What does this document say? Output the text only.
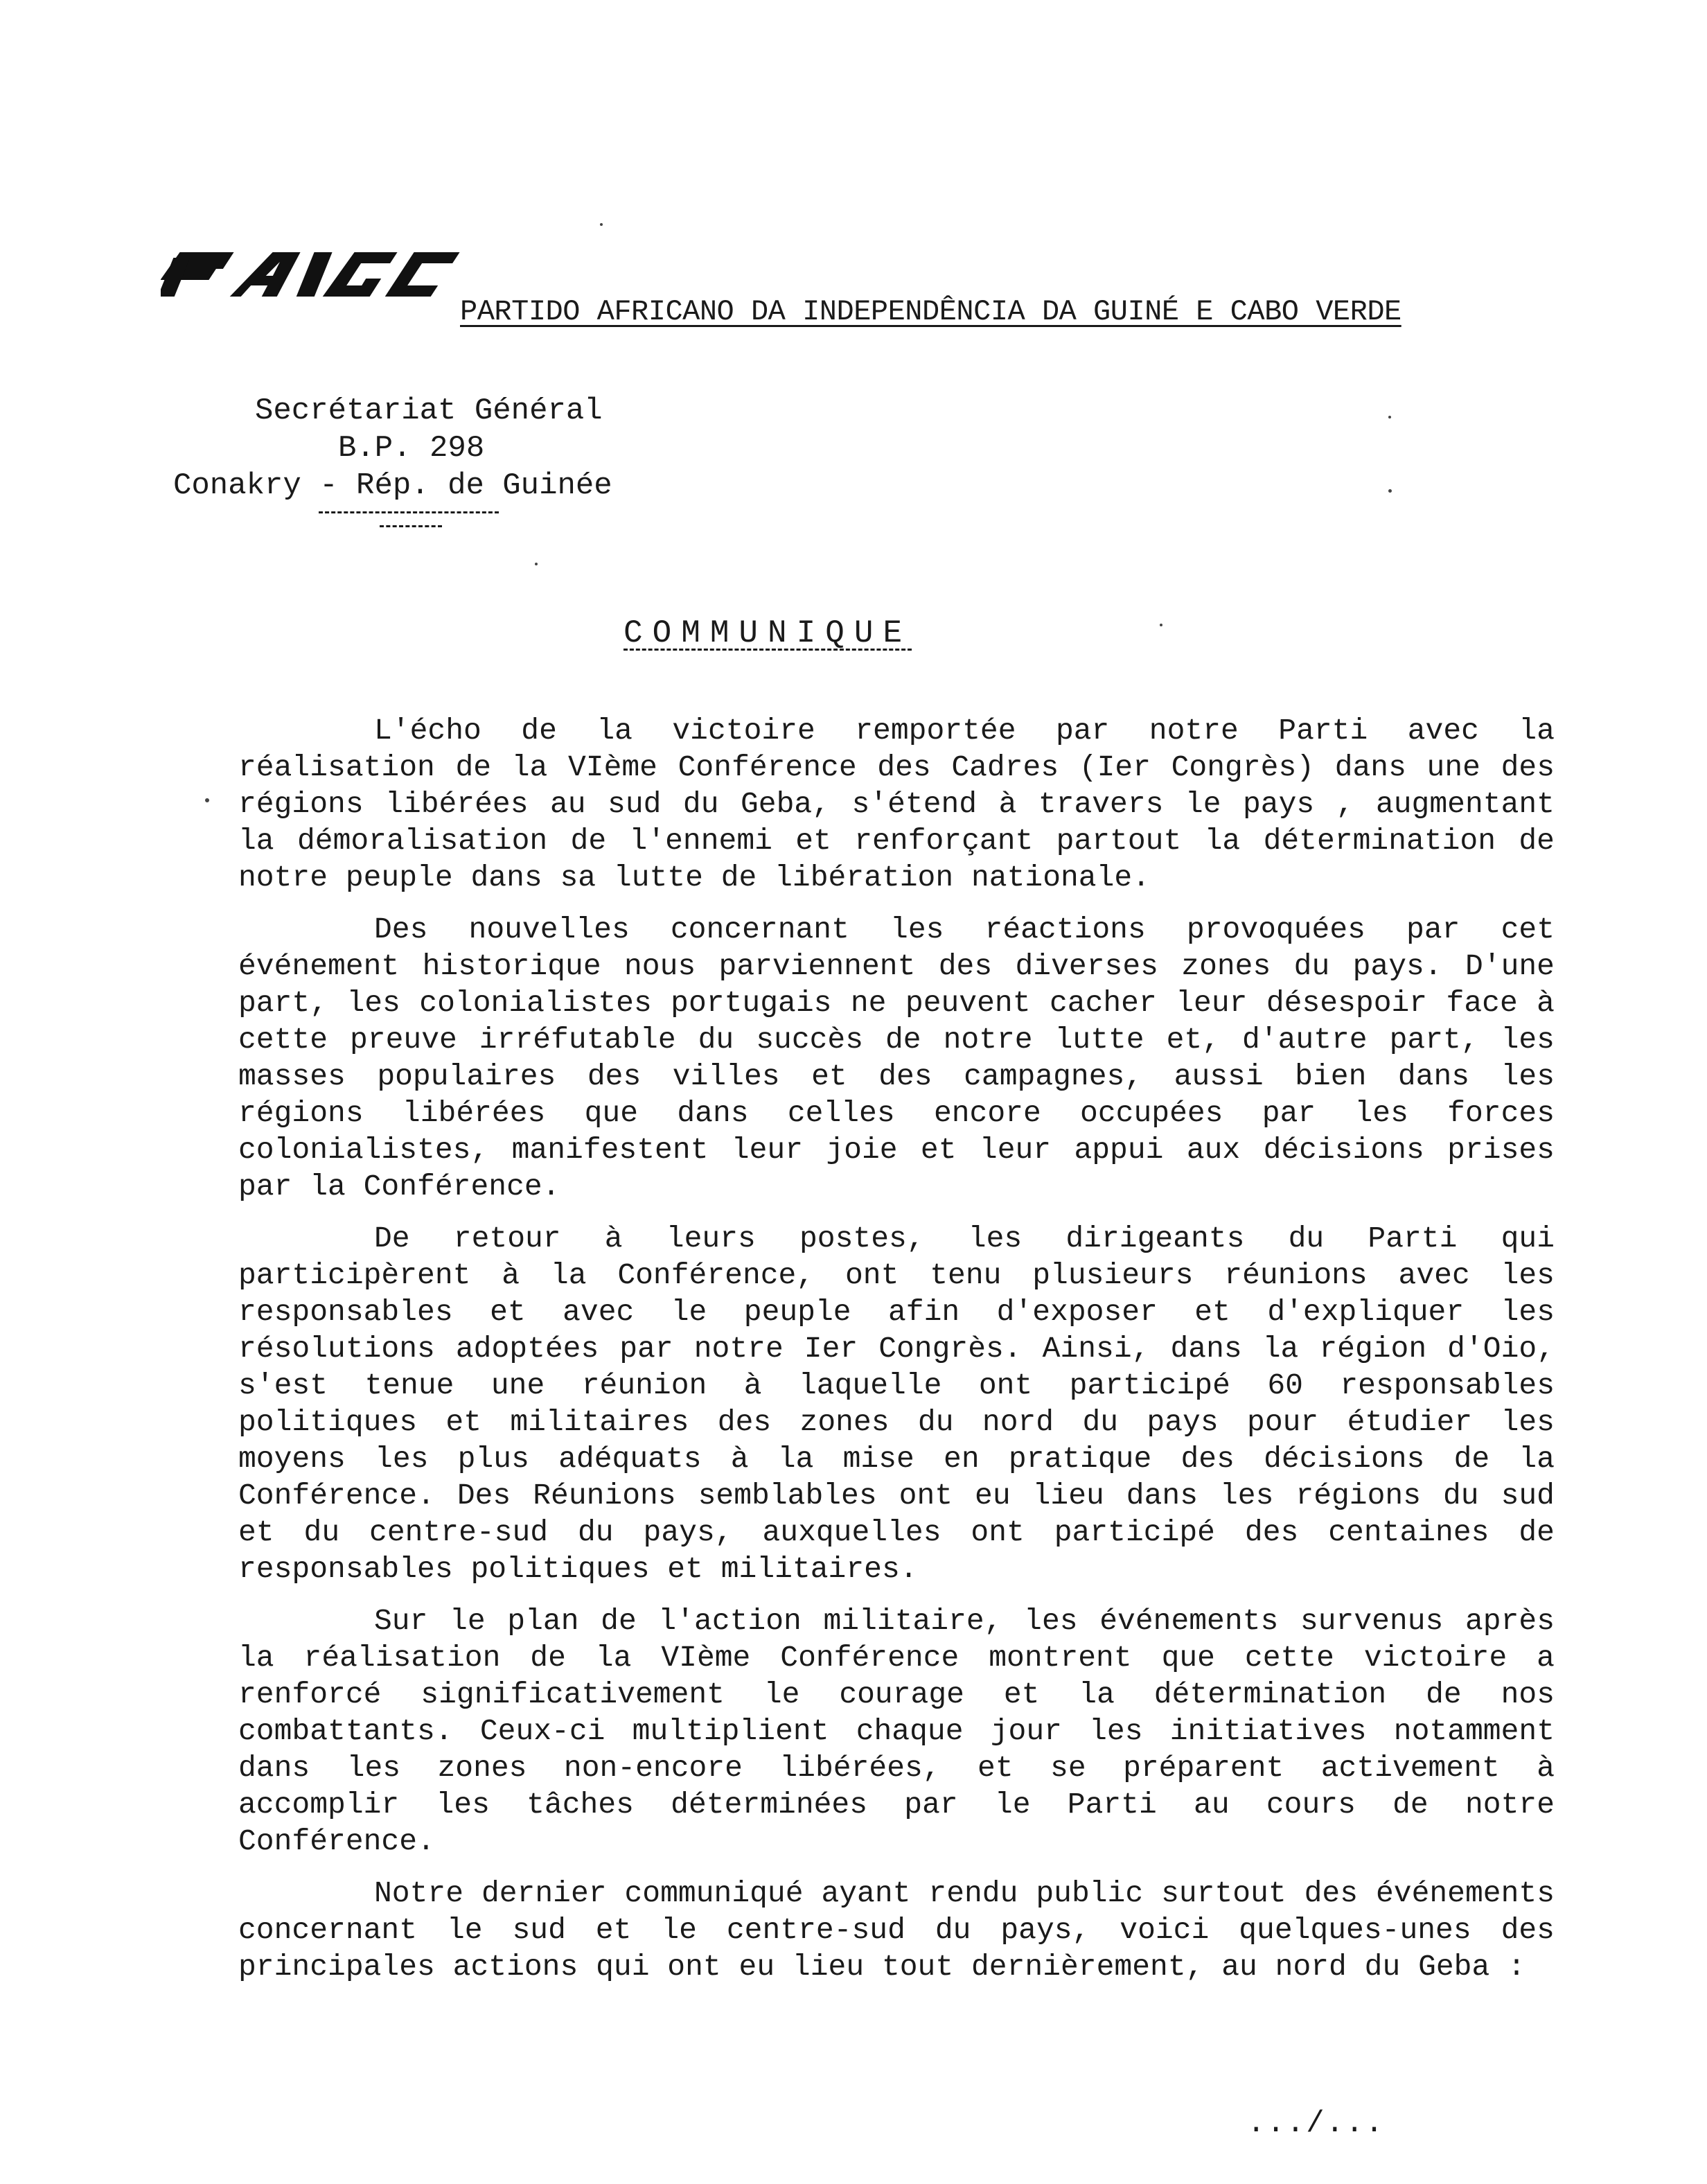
PARTIDO AFRICANO DA INDEPENDÊNCIA DA GUINÉ E CABO VERDE
Secrétariat Général
B.P. 298
Conakry - Rép. de Guinée
COMMUNIQUE

L'écho de la victoire remportée par notre Parti avec la réalisation de la VIème Conférence des Cadres (Ier Congrès) dans une des régions libérées au sud du Geba, s'étend à travers le pays , augmentant la démoralisation de l'ennemi et renforçant partout la détermination de notre peuple dans sa lutte de libération nationale.

Des nouvelles concernant les réactions provoquées par cet événement historique nous parviennent des diverses zones du pays. D'une part, les colonialistes portugais ne peuvent cacher leur désespoir face à cette preuve irréfutable du succès de notre lutte et, d'autre part, les masses populaires des villes et des campagnes, aussi bien dans les régions libérées que dans celles encore occupées par les forces colonialistes, manifestent leur joie et leur appui aux décisions prises par la Conférence.

De retour à leurs postes, les dirigeants du Parti qui participèrent à la Conférence, ont tenu plusieurs réunions avec les responsables et avec le peuple afin d'exposer et d'expliquer les résolutions adoptées par notre Ier Congrès. Ainsi, dans la région d'Oio, s'est tenue une réunion à laquelle ont participé 60 responsables politiques et militaires des zones du nord du pays pour étudier les moyens les plus adéquats à la mise en pratique des décisions de la Conférence. Des Réunions semblables ont eu lieu dans les régions du sud et du centre-sud du pays, auxquelles ont participé des centaines de responsables politiques et militaires.

Sur le plan de l'action militaire, les événements survenus après la réalisation de la VIème Conférence montrent que cette victoire a renforcé significativement le courage et la détermination de nos combattants. Ceux-ci multiplient chaque jour les initiatives notamment dans les zones non-encore libérées, et se préparent activement à accomplir les tâches déterminées par le Parti au cours de notre Conférence.

Notre dernier communiqué ayant rendu public surtout des événements concernant le sud et le centre-sud du pays, voici quelques-unes des principales actions qui ont eu lieu tout dernièrement, au nord du Geba :

.../...
